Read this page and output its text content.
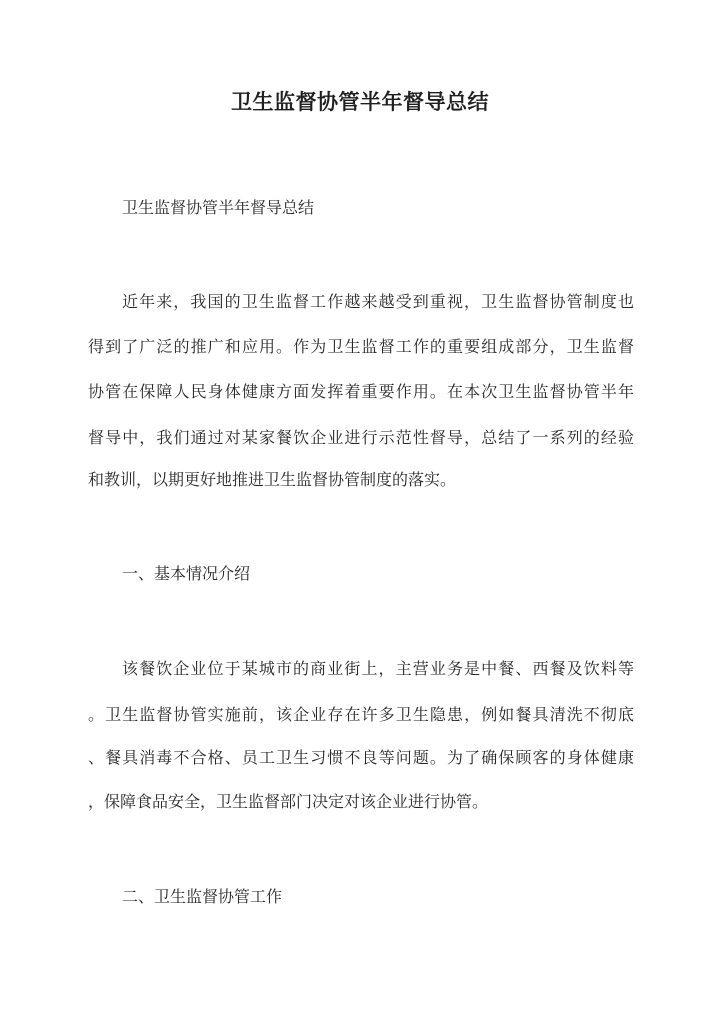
卫生监督协管半年督导总结
卫生监督协管半年督导总结
近年来，我国的卫生监督工作越来越受到重视，卫生监督协管制度也
得到了广泛的推广和应用。作为卫生监督工作的重要组成部分，卫生监督
协管在保障人民身体健康方面发挥着重要作用。在本次卫生监督协管半年
督导中，我们通过对某家餐饮企业进行示范性督导，总结了一系列的经验
和教训，以期更好地推进卫生监督协管制度的落实。
一、基本情况介绍
该餐饮企业位于某城市的商业街上，主营业务是中餐、西餐及饮料等
。卫生监督协管实施前，该企业存在许多卫生隐患，例如餐具清洗不彻底
、餐具消毒不合格、员工卫生习惯不良等问题。为了确保顾客的身体健康
，保障食品安全，卫生监督部门决定对该企业进行协管。
二、卫生监督协管工作
